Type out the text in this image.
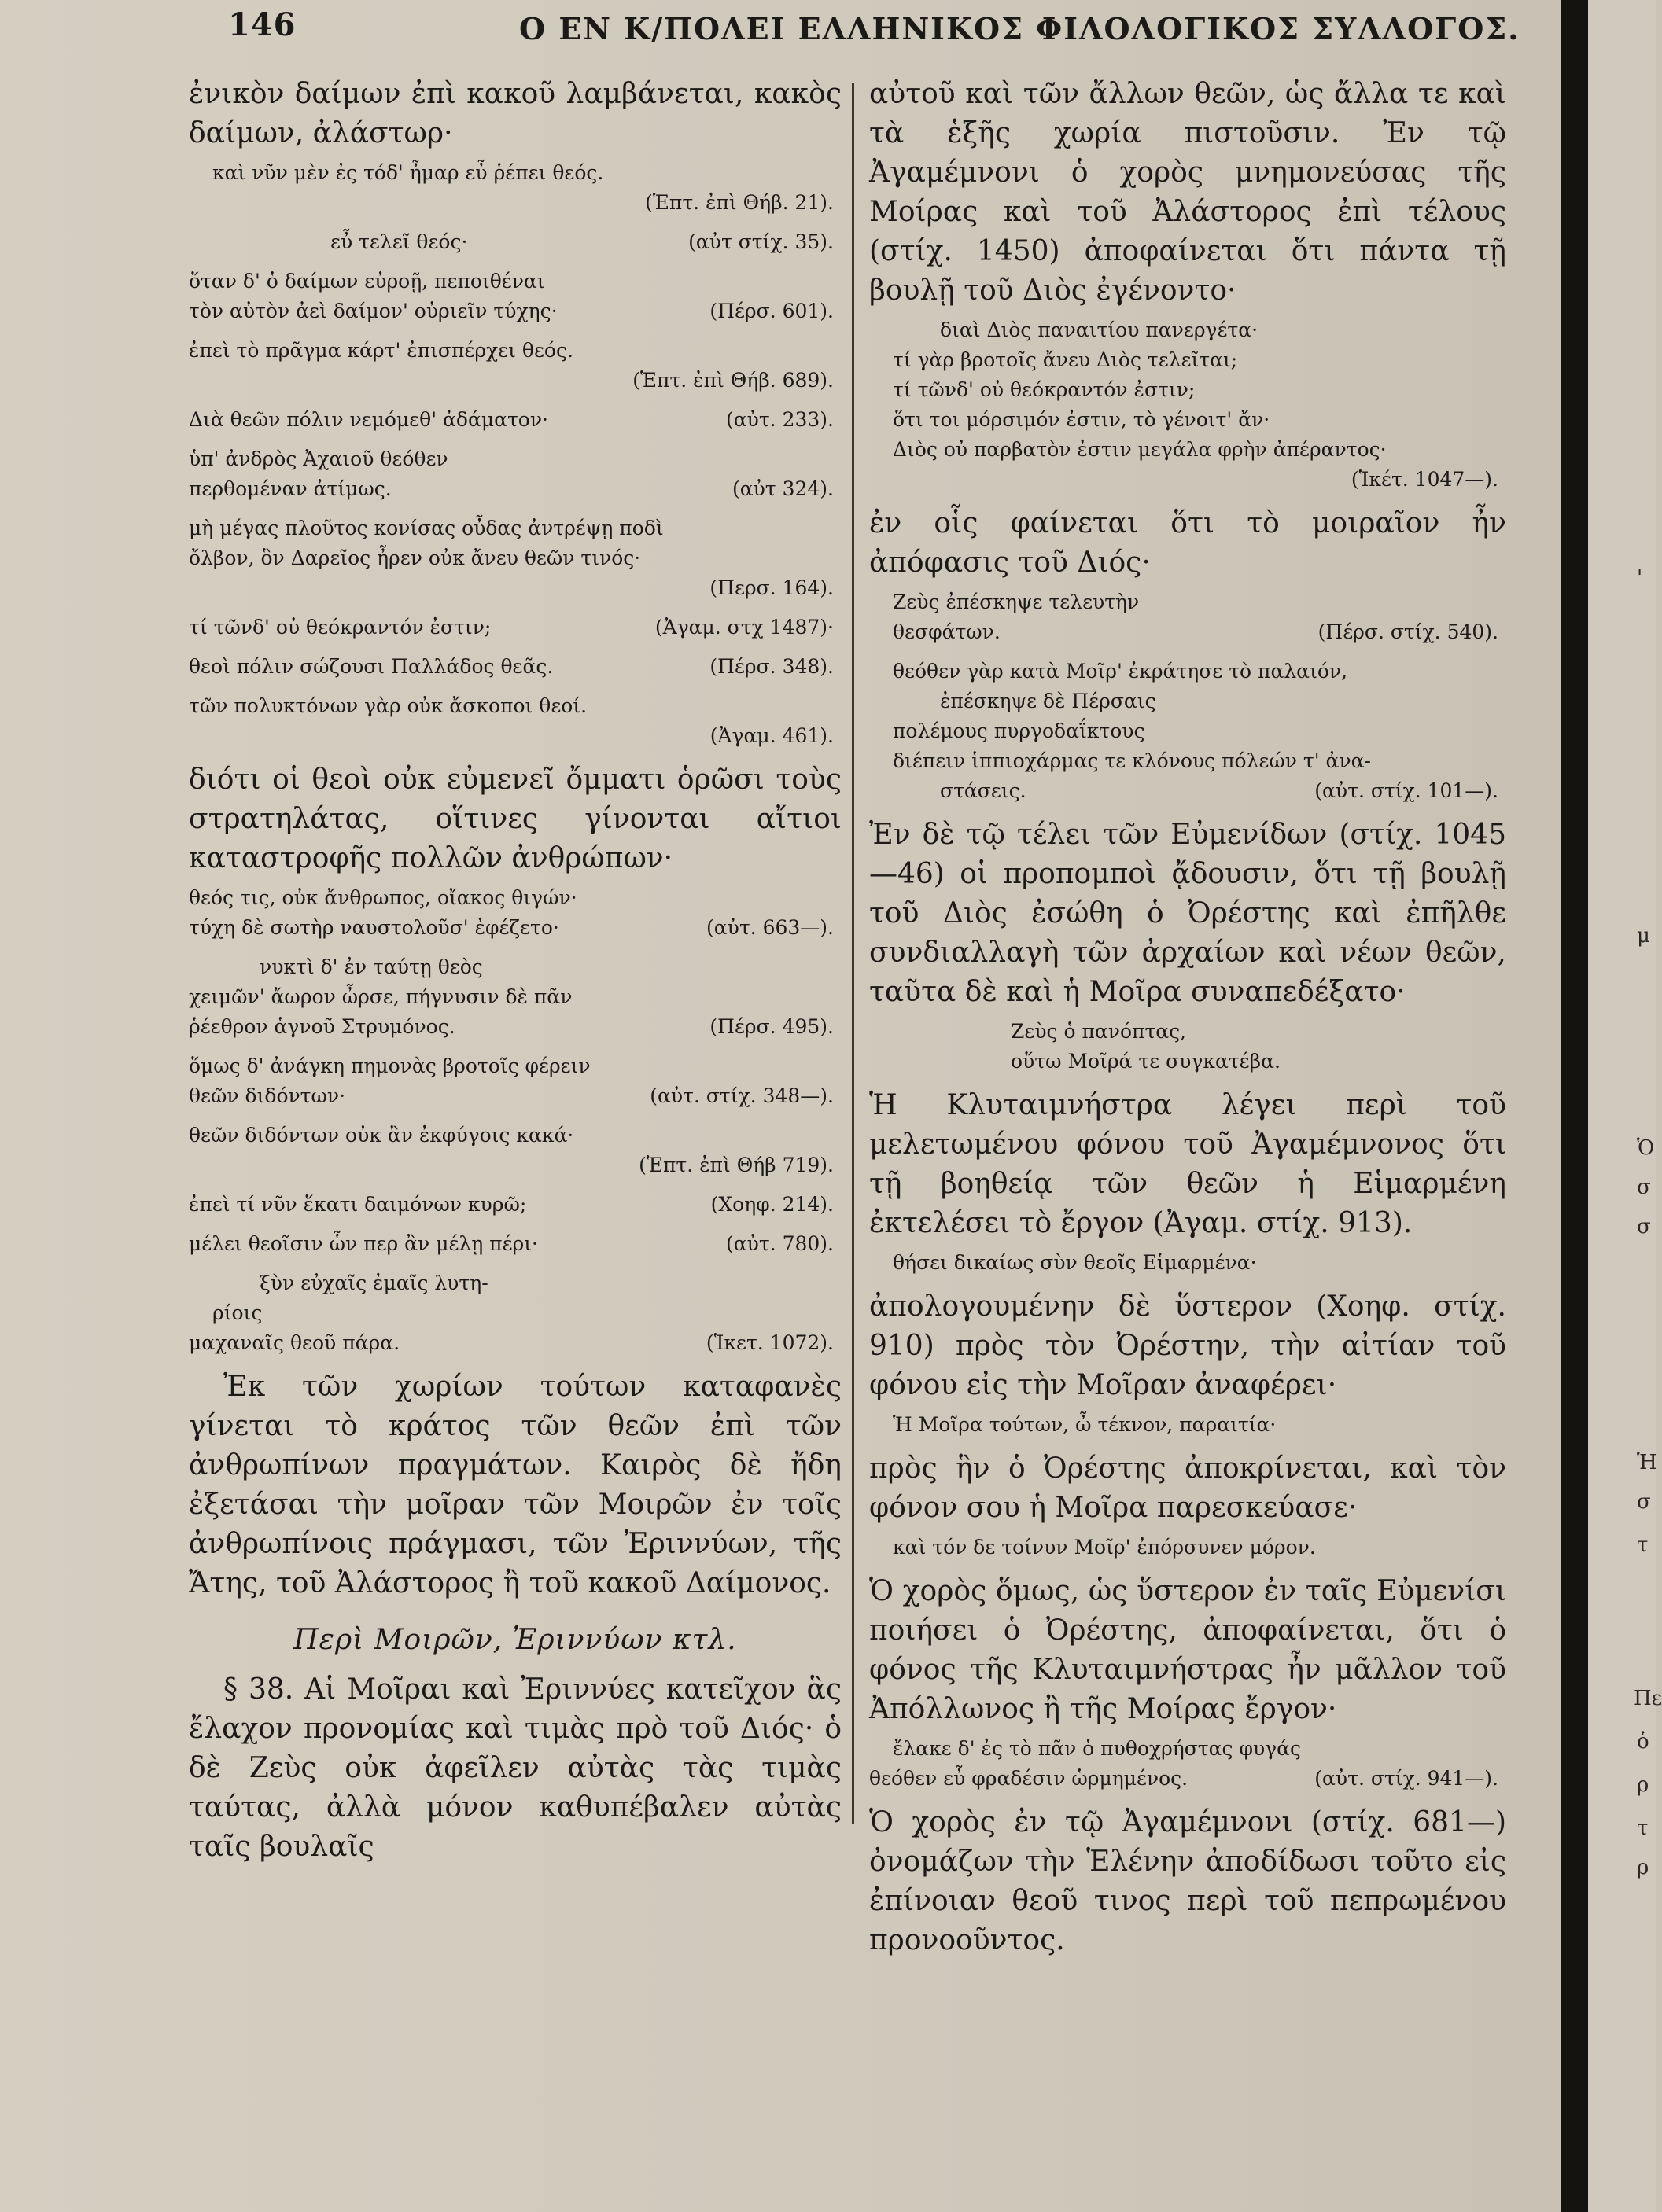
146	Ο ΕΝ Κ/ΠΟΛΕΙ ΕΛΛΗΝΙΚΟΣ ΦΙΛΟΛΟΓΙΚΟΣ ΣΥΛΛΟΓΟΣ.

ἐνικὸν δαίμων ἐπὶ κακοῦ λαμβάνεται, κακὸς δαίμων, ἀλάστωρ·

καὶ νῦν μὲν ἐς τόδ' ἦμαρ εὖ ῥέπει θεός.
(Ἑπτ. ἐπὶ Θήβ. 21).
εὖ τελεῖ θεός·	(αὐτ στίχ. 35).
ὅταν δ' ὁ δαίμων εὐροῇ, πεποιθέναι
τὸν αὐτὸν ἀεὶ δαίμον' οὐριεῖν τύχης·	(Πέρσ. 601).
ἐπεὶ τὸ πρᾶγμα κάρτ' ἐπισπέρχει θεός.
(Ἑπτ. ἐπὶ Θήβ. 689).
Διὰ θεῶν πόλιν νεμόμεθ' ἀδάματον·	(αὐτ. 233).
ὑπ' ἀνδρὸς Ἀχαιοῦ θεόθεν
περθομέναν ἀτίμως.	(αὐτ 324).
μὴ μέγας πλοῦτος κονίσας οὖδας ἀντρέψῃ ποδὶ
ὄλβον, ὃν Δαρεῖος ἦρεν οὐκ ἄνευ θεῶν τινός·
(Περσ. 164).
τί τῶνδ' οὐ θεόκραντόν ἐστιν;	(Ἀγαμ. στχ 1487)·
θεοὶ πόλιν σώζουσι Παλλάδος θεᾶς.	(Πέρσ. 348).
τῶν πολυκτόνων γὰρ οὐκ ἄσκοποι θεοί.
(Ἀγαμ. 461).

διότι οἱ θεοὶ οὐκ εὐμενεῖ ὄμματι ὁρῶσι τοὺς στρατηλάτας, οἵτινες γίνονται αἴτιοι καταστροφῆς πολλῶν ἀνθρώπων·

θεός τις, οὐκ ἄνθρωπος, οἴακος θιγών·
τύχη δὲ σωτὴρ ναυστολοῦσ' ἐφέζετο·	(αὐτ. 663—).
νυκτὶ δ' ἐν ταύτῃ θεὸς
χειμῶν' ἄωρον ὦρσε, πήγνυσιν δὲ πᾶν
ῥέεθρον ἁγνοῦ Στρυμόνος.	(Πέρσ. 495).
ὅμως δ' ἀνάγκη πημονὰς βροτοῖς φέρειν
θεῶν διδόντων·	(αὐτ. στίχ. 348—).
θεῶν διδόντων οὐκ ἂν ἐκφύγοις κακά·
(Ἑπτ. ἐπὶ Θήβ 719).
ἐπεὶ τί νῦν ἕκατι δαιμόνων κυρῶ;	(Χοηφ. 214).
μέλει θεοῖσιν ὧν περ ἂν μέλῃ πέρι·	(αὐτ. 780).
ξὺν εὐχαῖς ἐμαῖς λυτη-
ρίοις
μαχαναῖς θεοῦ πάρα.	(Ἱκετ. 1072).

Ἐκ τῶν χωρίων τούτων καταφανὲς γίνεται τὸ κράτος τῶν θεῶν ἐπὶ τῶν ἀνθρωπίνων πραγμάτων. Καιρὸς δὲ ἤδη ἐξετάσαι τὴν μοῖραν τῶν Μοιρῶν ἐν τοῖς ἀνθρωπίνοις πράγμασι, τῶν Ἐριννύων, τῆς Ἄτης, τοῦ Ἀλάστορος ἢ τοῦ κακοῦ Δαίμονος.

Περὶ Μοιρῶν, Ἐριννύων κτλ.

§ 38. Αἱ Μοῖραι καὶ Ἐριννύες κατεῖχον ἃς ἔλαχον προνομίας καὶ τιμὰς πρὸ τοῦ Διός· ὁ δὲ Ζεὺς οὐκ ἀφεῖλεν αὐτὰς τὰς τιμὰς ταύτας, ἀλλὰ μόνον καθυπέβαλεν αὐτὰς ταῖς βουλαῖς

αὐτοῦ καὶ τῶν ἄλλων θεῶν, ὡς ἄλλα τε καὶ τὰ ἑξῆς χωρία πιστοῦσιν. Ἐν τῷ Ἀγαμέμνονι ὁ χορὸς μνημονεύσας τῆς Μοίρας καὶ τοῦ Ἀλάστορος ἐπὶ τέλους (στίχ. 1450) ἀποφαίνεται ὅτι πάντα τῇ βουλῇ τοῦ Διὸς ἐγένοντο·

διαὶ Διὸς παναιτίου πανεργέτα·
τί γὰρ βροτοῖς ἄνευ Διὸς τελεῖται;
τί τῶνδ' οὐ θεόκραντόν ἐστιν;
ὅτι τοι μόρσιμόν ἐστιν, τὸ γένοιτ' ἄν·
Διὸς οὐ παρβατὸν ἐστιν μεγάλα φρὴν ἀπέραντος·
(Ἱκέτ. 1047—).

ἐν οἷς φαίνεται ὅτι τὸ μοιραῖον ἦν ἀπόφασις τοῦ Διός·

Ζεὺς ἐπέσκηψε τελευτὴν
θεσφάτων.	(Πέρσ. στίχ. 540).
θεόθεν γὰρ κατὰ Μοῖρ' ἐκράτησε τὸ παλαιόν,
ἐπέσκηψε δὲ Πέρσαις
πολέμους πυργοδαΐκτους
διέπειν ἱππιοχάρμας τε κλόνους πόλεών τ' ἀνα-
στάσεις.	(αὐτ. στίχ. 101—).

Ἐν δὲ τῷ τέλει τῶν Εὐμενίδων (στίχ. 1045—46) οἱ προπομποὶ ᾄδουσιν, ὅτι τῇ βουλῇ τοῦ Διὸς ἐσώθη ὁ Ὀρέστης καὶ ἐπῆλθε συνδιαλλαγὴ τῶν ἀρχαίων καὶ νέων θεῶν, ταῦτα δὲ καὶ ἡ Μοῖρα συναπεδέξατο·

Ζεὺς ὁ πανόπτας,
οὕτω Μοῖρά τε συγκατέβα.

Ἡ Κλυταιμνήστρα λέγει περὶ τοῦ μελετωμένου φόνου τοῦ Ἀγαμέμνονος ὅτι τῇ βοηθείᾳ τῶν θεῶν ἡ Εἱμαρμένη ἐκτελέσει τὸ ἔργον (Ἀγαμ. στίχ. 913).

θήσει δικαίως σὺν θεοῖς Εἱμαρμένα·

ἀπολογουμένην δὲ ὕστερον (Χοηφ. στίχ. 910) πρὸς τὸν Ὀρέστην, τὴν αἰτίαν τοῦ φόνου εἰς τὴν Μοῖραν ἀναφέρει·

Ἡ Μοῖρα τούτων, ὦ τέκνον, παραιτία·

πρὸς ἣν ὁ Ὀρέστης ἀποκρίνεται, καὶ τὸν φόνον σου ἡ Μοῖρα παρεσκεύασε·

καὶ τόν δε τοίνυν Μοῖρ' ἐπόρσυνεν μόρον.

Ὁ χορὸς ὅμως, ὡς ὕστερον ἐν ταῖς Εὐμενίσι ποιήσει ὁ Ὀρέστης, ἀποφαίνεται, ὅτι ὁ φόνος τῆς Κλυταιμνήστρας ἦν μᾶλλον τοῦ Ἀπόλλωνος ἢ τῆς Μοίρας ἔργον·

ἔλακε δ' ἐς τὸ πᾶν ὁ πυθοχρήστας φυγάς
θεόθεν εὖ φραδέσιν ὡρμημένος.	(αὐτ. στίχ. 941—).

Ὁ χορὸς ἐν τῷ Ἀγαμέμνονι (στίχ. 681—) ὀνομάζων τὴν Ἑλένην ἀποδίδωσι τοῦτο εἰς ἐπίνοιαν θεοῦ τινος περὶ τοῦ πεπρωμένου προνοοῦντος.

'
μ
Ὁ
σ
σ
Ἡ
σ
τ
Πε
ὁ
ρ
τ
ρ
